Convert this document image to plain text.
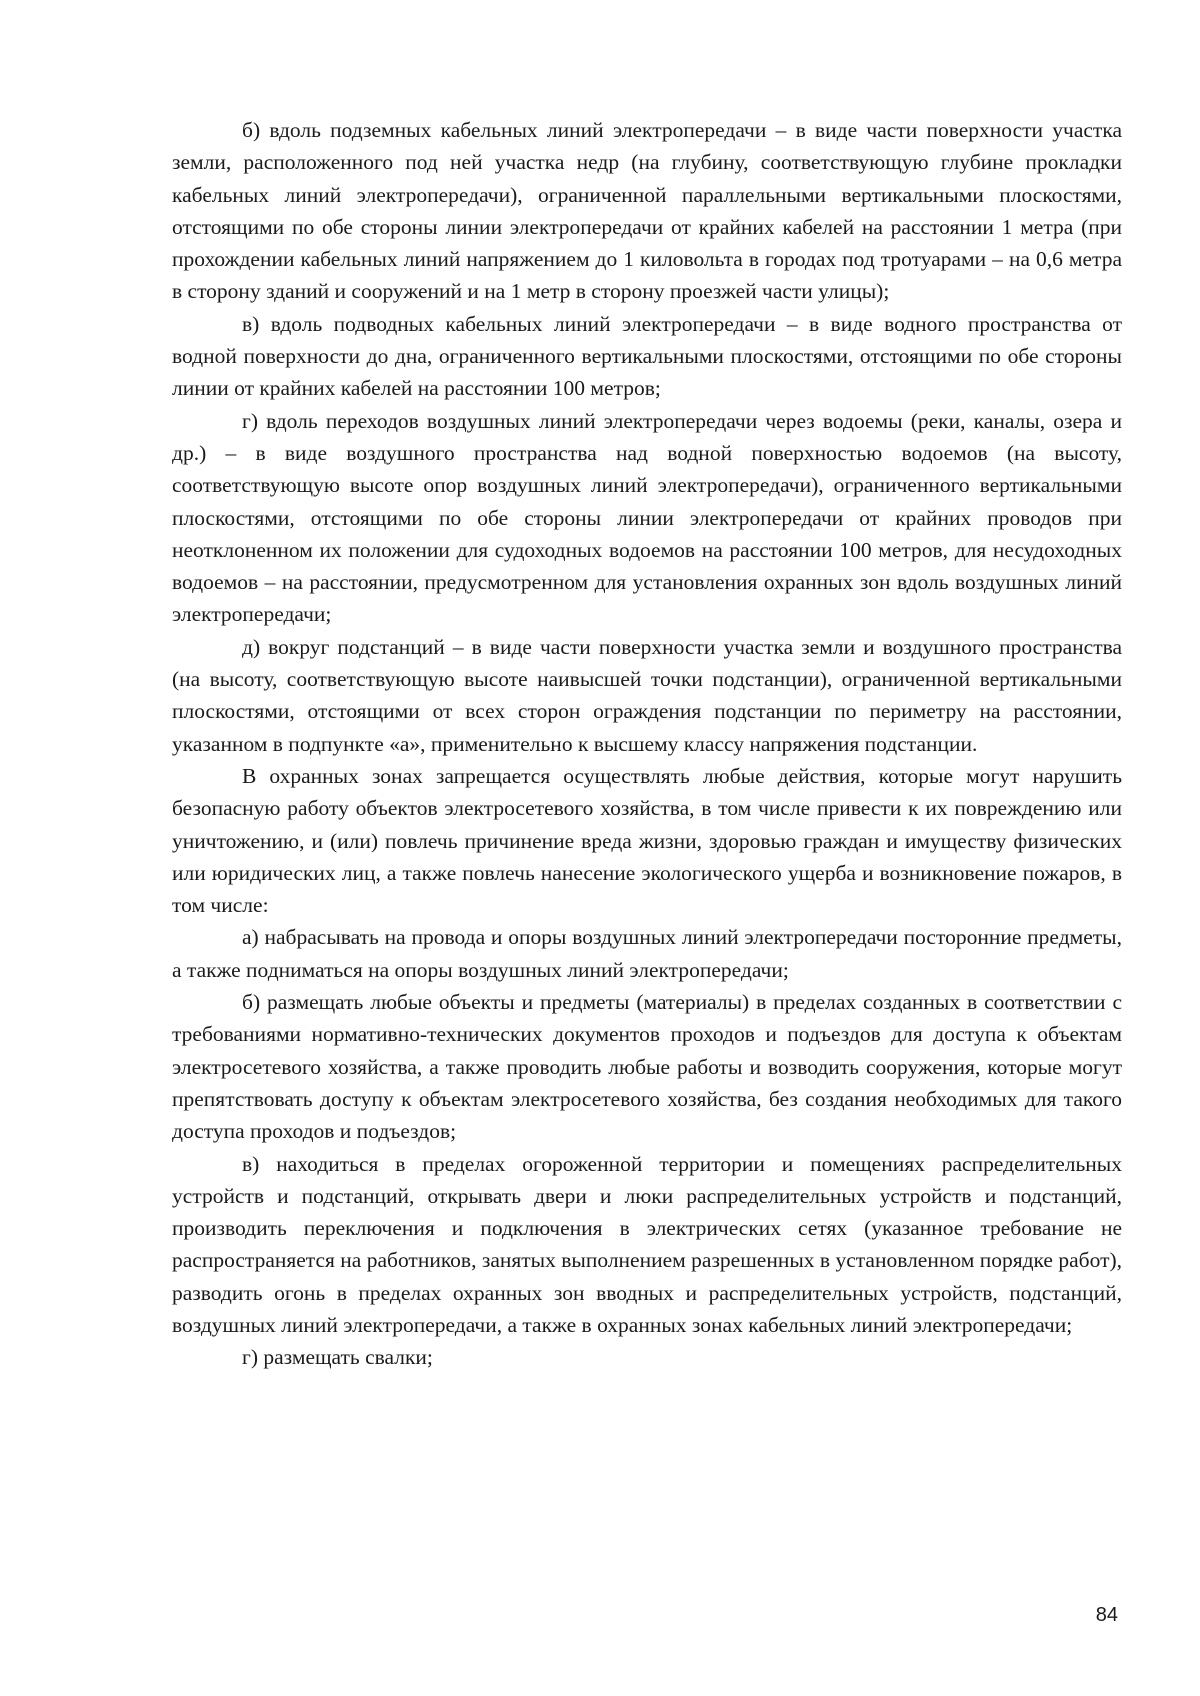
б) вдоль подземных кабельных линий электропередачи – в виде части поверхности участка земли, расположенного под ней участка недр (на глубину, соответствующую глубине прокладки кабельных линий электропередачи), ограниченной параллельными вертикальными плоскостями, отстоящими по обе стороны линии электропередачи от крайних кабелей на расстоянии 1 метра (при прохождении кабельных линий напряжением до 1 киловольта в городах под тротуарами – на 0,6 метра в сторону зданий и сооружений и на 1 метр в сторону проезжей части улицы);

в) вдоль подводных кабельных линий электропередачи – в виде водного пространства от водной поверхности до дна, ограниченного вертикальными плоскостями, отстоящими по обе стороны линии от крайних кабелей на расстоянии 100 метров;

г) вдоль переходов воздушных линий электропередачи через водоемы (реки, каналы, озера и др.) – в виде воздушного пространства над водной поверхностью водоемов (на высоту, соответствующую высоте опор воздушных линий электропередачи), ограниченного вертикальными плоскостями, отстоящими по обе стороны линии электропередачи от крайних проводов при неотклоненном их положении для судоходных водоемов на расстоянии 100 метров, для несудоходных водоемов – на расстоянии, предусмотренном для установления охранных зон вдоль воздушных линий электропередачи;

д) вокруг подстанций – в виде части поверхности участка земли и воздушного пространства (на высоту, соответствующую высоте наивысшей точки подстанции), ограниченной вертикальными плоскостями, отстоящими от всех сторон ограждения подстанции по периметру на расстоянии, указанном в подпункте «а», применительно к высшему классу напряжения подстанции.

В охранных зонах запрещается осуществлять любые действия, которые могут нарушить безопасную работу объектов электросетевого хозяйства, в том числе привести к их повреждению или уничтожению, и (или) повлечь причинение вреда жизни, здоровью граждан и имуществу физических или юридических лиц, а также повлечь нанесение экологического ущерба и возникновение пожаров, в том числе:

а) набрасывать на провода и опоры воздушных линий электропередачи посторонние предметы, а также подниматься на опоры воздушных линий электропередачи;

б) размещать любые объекты и предметы (материалы) в пределах созданных в соответствии с требованиями нормативно-технических документов проходов и подъездов для доступа к объектам электросетевого хозяйства, а также проводить любые работы и возводить сооружения, которые могут препятствовать доступу к объектам электросетевого хозяйства, без создания необходимых для такого доступа проходов и подъездов;

в) находиться в пределах огороженной территории и помещениях распределительных устройств и подстанций, открывать двери и люки распределительных устройств и подстанций, производить переключения и подключения в электрических сетях (указанное требование не распространяется на работников, занятых выполнением разрешенных в установленном порядке работ), разводить огонь в пределах охранных зон вводных и распределительных устройств, подстанций, воздушных линий электропередачи, а также в охранных зонах кабельных линий электропередачи;

г) размещать свалки;

84
